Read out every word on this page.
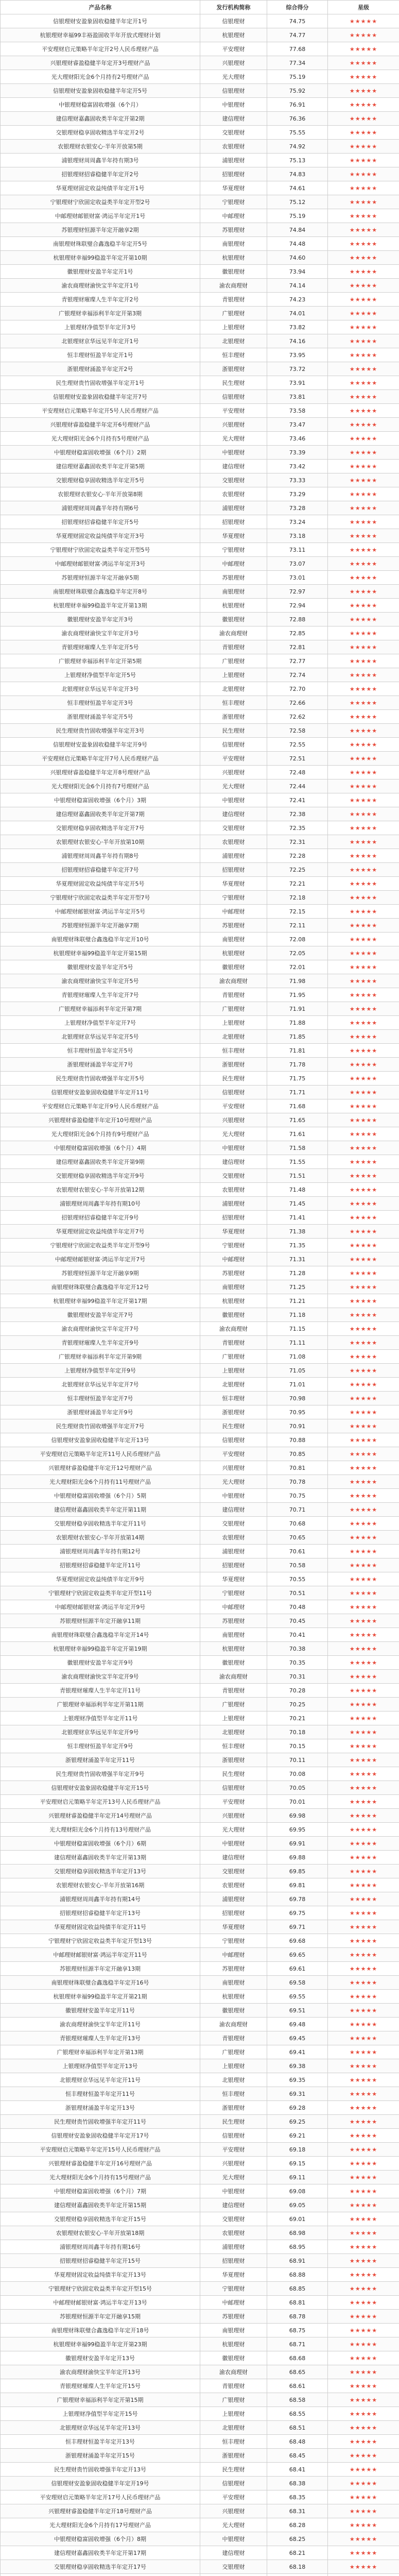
产品名称	发行机构简称	综合得分	星级
信银理财安盈象固收稳健半年定开1号	信银理财	74.75	★★★★★
杭银理财幸福99丰裕盈固收半年开放式理财计划	杭银理财	74.77	★★★★★
平安理财启元策略半年定开2号人民币理财产品	平安理财	77.68	★★★★★
兴银理财睿盈稳健半年定开3号理财产品	兴银理财	77.34	★★★★★
光大理财阳光金6个月持有2号理财产品	光大理财	75.19	★★★★★
信银理财安盈象固收稳健半年定开5号	信银理财	75.92	★★★★★
中银理财稳富固收增强（6个月）	中银理财	76.91	★★★★★
建信理财嘉鑫固收类半年定开第2期	建信理财	76.36	★★★★★
交银理财稳享固收精选半年定开2号	交银理财	75.55	★★★★★
农银理财农银安心·半年开放第5期	农银理财	74.92	★★★★★
浦银理财周周鑫半年持有期3号	浦银理财	75.13	★★★★★
招银理财招睿稳健半年定开2号	招银理财	74.83	★★★★★
华夏理财固定收益纯债半年定开1号	华夏理财	74.61	★★★★★
宁银理财宁欣固定收益类半年定开型2号	宁银理财	75.12	★★★★★
中邮理财邮银财富·鸿运半年定开1号	中邮理财	75.19	★★★★★
苏银理财恒源半年定开融享2期	苏银理财	74.84	★★★★★
南银理财珠联璧合鑫逸稳半年定开5号	南银理财	74.48	★★★★★
杭银理财幸福99稳盈半年定开第10期	杭银理财	74.60	★★★★★
徽银理财安盈半年定开1号	徽银理财	73.94	★★★★★
渝农商理财渝快宝半年定开1号	渝农商理财	74.14	★★★★★
青银理财璀璨人生半年定开2号	青银理财	74.23	★★★★★
广银理财幸福添利半年定开第3期	广银理财	74.01	★★★★★
上银理财净值型半年定开3号	上银理财	73.82	★★★★★
北银理财京华远见半年定开1号	北银理财	74.16	★★★★★
恒丰理财恒盈半年定开1号	恒丰理财	73.95	★★★★★
浙银理财涌盈半年定开2号	浙银理财	73.72	★★★★★
民生理财贵竹固收增强半年定开1号	民生理财	73.91	★★★★★
信银理财安盈象固收稳健半年定开7号	信银理财	73.81	★★★★★
平安理财启元策略半年定开5号人民币理财产品	平安理财	73.58	★★★★★
兴银理财睿盈稳健半年定开6号理财产品	兴银理财	73.47	★★★★★
光大理财阳光金6个月持有5号理财产品	光大理财	73.46	★★★★★
中银理财稳富固收增强（6个月）2期	中银理财	73.39	★★★★★
建信理财嘉鑫固收类半年定开第5期	建信理财	73.42	★★★★★
交银理财稳享固收精选半年定开5号	交银理财	73.33	★★★★★
农银理财农银安心·半年开放第8期	农银理财	73.29	★★★★★
浦银理财周周鑫半年持有期6号	浦银理财	73.28	★★★★★
招银理财招睿稳健半年定开5号	招银理财	73.24	★★★★★
华夏理财固定收益纯债半年定开3号	华夏理财	73.18	★★★★★
宁银理财宁欣固定收益类半年定开型5号	宁银理财	73.11	★★★★★
中邮理财邮银财富·鸿运半年定开3号	中邮理财	73.07	★★★★★
苏银理财恒源半年定开融享5期	苏银理财	73.01	★★★★★
南银理财珠联璧合鑫逸稳半年定开8号	南银理财	72.97	★★★★★
杭银理财幸福99稳盈半年定开第13期	杭银理财	72.94	★★★★★
徽银理财安盈半年定开3号	徽银理财	72.88	★★★★★
渝农商理财渝快宝半年定开3号	渝农商理财	72.85	★★★★★
青银理财璀璨人生半年定开5号	青银理财	72.81	★★★★★
广银理财幸福添利半年定开第5期	广银理财	72.77	★★★★★
上银理财净值型半年定开5号	上银理财	72.74	★★★★★
北银理财京华远见半年定开3号	北银理财	72.70	★★★★★
恒丰理财恒盈半年定开3号	恒丰理财	72.66	★★★★★
浙银理财涌盈半年定开5号	浙银理财	72.62	★★★★★
民生理财贵竹固收增强半年定开3号	民生理财	72.58	★★★★★
信银理财安盈象固收稳健半年定开9号	信银理财	72.55	★★★★★
平安理财启元策略半年定开7号人民币理财产品	平安理财	72.51	★★★★★
兴银理财睿盈稳健半年定开8号理财产品	兴银理财	72.48	★★★★★
光大理财阳光金6个月持有7号理财产品	光大理财	72.44	★★★★★
中银理财稳富固收增强（6个月）3期	中银理财	72.41	★★★★★
建信理财嘉鑫固收类半年定开第7期	建信理财	72.38	★★★★★
交银理财稳享固收精选半年定开7号	交银理财	72.35	★★★★★
农银理财农银安心·半年开放第10期	农银理财	72.31	★★★★★
浦银理财周周鑫半年持有期8号	浦银理财	72.28	★★★★★
招银理财招睿稳健半年定开7号	招银理财	72.25	★★★★★
华夏理财固定收益纯债半年定开5号	华夏理财	72.21	★★★★★
宁银理财宁欣固定收益类半年定开型7号	宁银理财	72.18	★★★★★
中邮理财邮银财富·鸿运半年定开5号	中邮理财	72.15	★★★★★
苏银理财恒源半年定开融享7期	苏银理财	72.11	★★★★★
南银理财珠联璧合鑫逸稳半年定开10号	南银理财	72.08	★★★★★
杭银理财幸福99稳盈半年定开第15期	杭银理财	72.05	★★★★★
徽银理财安盈半年定开5号	徽银理财	72.01	★★★★★
渝农商理财渝快宝半年定开5号	渝农商理财	71.98	★★★★★
青银理财璀璨人生半年定开7号	青银理财	71.95	★★★★★
广银理财幸福添利半年定开第7期	广银理财	71.91	★★★★★
上银理财净值型半年定开7号	上银理财	71.88	★★★★★
北银理财京华远见半年定开5号	北银理财	71.85	★★★★★
恒丰理财恒盈半年定开5号	恒丰理财	71.81	★★★★★
浙银理财涌盈半年定开7号	浙银理财	71.78	★★★★★
民生理财贵竹固收增强半年定开5号	民生理财	71.75	★★★★★
信银理财安盈象固收稳健半年定开11号	信银理财	71.71	★★★★★
平安理财启元策略半年定开9号人民币理财产品	平安理财	71.68	★★★★★
兴银理财睿盈稳健半年定开10号理财产品	兴银理财	71.65	★★★★★
光大理财阳光金6个月持有9号理财产品	光大理财	71.61	★★★★★
中银理财稳富固收增强（6个月）4期	中银理财	71.58	★★★★★
建信理财嘉鑫固收类半年定开第9期	建信理财	71.55	★★★★★
交银理财稳享固收精选半年定开9号	交银理财	71.51	★★★★★
农银理财农银安心·半年开放第12期	农银理财	71.48	★★★★★
浦银理财周周鑫半年持有期10号	浦银理财	71.45	★★★★★
招银理财招睿稳健半年定开9号	招银理财	71.41	★★★★★
华夏理财固定收益纯债半年定开7号	华夏理财	71.38	★★★★★
宁银理财宁欣固定收益类半年定开型9号	宁银理财	71.35	★★★★★
中邮理财邮银财富·鸿运半年定开7号	中邮理财	71.31	★★★★★
苏银理财恒源半年定开融享9期	苏银理财	71.28	★★★★★
南银理财珠联璧合鑫逸稳半年定开12号	南银理财	71.25	★★★★★
杭银理财幸福99稳盈半年定开第17期	杭银理财	71.21	★★★★★
徽银理财安盈半年定开7号	徽银理财	71.18	★★★★★
渝农商理财渝快宝半年定开7号	渝农商理财	71.15	★★★★★
青银理财璀璨人生半年定开9号	青银理财	71.11	★★★★★
广银理财幸福添利半年定开第9期	广银理财	71.08	★★★★★
上银理财净值型半年定开9号	上银理财	71.05	★★★★★
北银理财京华远见半年定开7号	北银理财	71.01	★★★★★
恒丰理财恒盈半年定开7号	恒丰理财	70.98	★★★★★
浙银理财涌盈半年定开9号	浙银理财	70.95	★★★★★
民生理财贵竹固收增强半年定开7号	民生理财	70.91	★★★★★
信银理财安盈象固收稳健半年定开13号	信银理财	70.88	★★★★★
平安理财启元策略半年定开11号人民币理财产品	平安理财	70.85	★★★★★
兴银理财睿盈稳健半年定开12号理财产品	兴银理财	70.81	★★★★★
光大理财阳光金6个月持有11号理财产品	光大理财	70.78	★★★★★
中银理财稳富固收增强（6个月）5期	中银理财	70.75	★★★★★
建信理财嘉鑫固收类半年定开第11期	建信理财	70.71	★★★★★
交银理财稳享固收精选半年定开11号	交银理财	70.68	★★★★★
农银理财农银安心·半年开放第14期	农银理财	70.65	★★★★★
浦银理财周周鑫半年持有期12号	浦银理财	70.61	★★★★★
招银理财招睿稳健半年定开11号	招银理财	70.58	★★★★★
华夏理财固定收益纯债半年定开9号	华夏理财	70.55	★★★★★
宁银理财宁欣固定收益类半年定开型11号	宁银理财	70.51	★★★★★
中邮理财邮银财富·鸿运半年定开9号	中邮理财	70.48	★★★★★
苏银理财恒源半年定开融享11期	苏银理财	70.45	★★★★★
南银理财珠联璧合鑫逸稳半年定开14号	南银理财	70.41	★★★★★
杭银理财幸福99稳盈半年定开第19期	杭银理财	70.38	★★★★★
徽银理财安盈半年定开9号	徽银理财	70.35	★★★★★
渝农商理财渝快宝半年定开9号	渝农商理财	70.31	★★★★★
青银理财璀璨人生半年定开11号	青银理财	70.28	★★★★★
广银理财幸福添利半年定开第11期	广银理财	70.25	★★★★★
上银理财净值型半年定开11号	上银理财	70.21	★★★★★
北银理财京华远见半年定开9号	北银理财	70.18	★★★★★
恒丰理财恒盈半年定开9号	恒丰理财	70.15	★★★★★
浙银理财涌盈半年定开11号	浙银理财	70.11	★★★★★
民生理财贵竹固收增强半年定开9号	民生理财	70.08	★★★★★
信银理财安盈象固收稳健半年定开15号	信银理财	70.05	★★★★★
平安理财启元策略半年定开13号人民币理财产品	平安理财	70.01	★★★★★
兴银理财睿盈稳健半年定开14号理财产品	兴银理财	69.98	★★★★★
光大理财阳光金6个月持有13号理财产品	光大理财	69.95	★★★★★
中银理财稳富固收增强（6个月）6期	中银理财	69.91	★★★★★
建信理财嘉鑫固收类半年定开第13期	建信理财	69.88	★★★★★
交银理财稳享固收精选半年定开13号	交银理财	69.85	★★★★★
农银理财农银安心·半年开放第16期	农银理财	69.81	★★★★★
浦银理财周周鑫半年持有期14号	浦银理财	69.78	★★★★★
招银理财招睿稳健半年定开13号	招银理财	69.75	★★★★★
华夏理财固定收益纯债半年定开11号	华夏理财	69.71	★★★★★
宁银理财宁欣固定收益类半年定开型13号	宁银理财	69.68	★★★★★
中邮理财邮银财富·鸿运半年定开11号	中邮理财	69.65	★★★★★
苏银理财恒源半年定开融享13期	苏银理财	69.61	★★★★★
南银理财珠联璧合鑫逸稳半年定开16号	南银理财	69.58	★★★★★
杭银理财幸福99稳盈半年定开第21期	杭银理财	69.55	★★★★★
徽银理财安盈半年定开11号	徽银理财	69.51	★★★★★
渝农商理财渝快宝半年定开11号	渝农商理财	69.48	★★★★★
青银理财璀璨人生半年定开13号	青银理财	69.45	★★★★★
广银理财幸福添利半年定开第13期	广银理财	69.41	★★★★★
上银理财净值型半年定开13号	上银理财	69.38	★★★★★
北银理财京华远见半年定开11号	北银理财	69.35	★★★★★
恒丰理财恒盈半年定开11号	恒丰理财	69.31	★★★★★
浙银理财涌盈半年定开13号	浙银理财	69.28	★★★★★
民生理财贵竹固收增强半年定开11号	民生理财	69.25	★★★★★
信银理财安盈象固收稳健半年定开17号	信银理财	69.21	★★★★★
平安理财启元策略半年定开15号人民币理财产品	平安理财	69.18	★★★★★
兴银理财睿盈稳健半年定开16号理财产品	兴银理财	69.15	★★★★★
光大理财阳光金6个月持有15号理财产品	光大理财	69.11	★★★★★
中银理财稳富固收增强（6个月）7期	中银理财	69.08	★★★★★
建信理财嘉鑫固收类半年定开第15期	建信理财	69.05	★★★★★
交银理财稳享固收精选半年定开15号	交银理财	69.01	★★★★★
农银理财农银安心·半年开放第18期	农银理财	68.98	★★★★★
浦银理财周周鑫半年持有期16号	浦银理财	68.95	★★★★★
招银理财招睿稳健半年定开15号	招银理财	68.91	★★★★★
华夏理财固定收益纯债半年定开13号	华夏理财	68.88	★★★★★
宁银理财宁欣固定收益类半年定开型15号	宁银理财	68.85	★★★★★
中邮理财邮银财富·鸿运半年定开13号	中邮理财	68.81	★★★★★
苏银理财恒源半年定开融享15期	苏银理财	68.78	★★★★★
南银理财珠联璧合鑫逸稳半年定开18号	南银理财	68.75	★★★★★
杭银理财幸福99稳盈半年定开第23期	杭银理财	68.71	★★★★★
徽银理财安盈半年定开13号	徽银理财	68.68	★★★★★
渝农商理财渝快宝半年定开13号	渝农商理财	68.65	★★★★★
青银理财璀璨人生半年定开15号	青银理财	68.61	★★★★★
广银理财幸福添利半年定开第15期	广银理财	68.58	★★★★★
上银理财净值型半年定开15号	上银理财	68.55	★★★★★
北银理财京华远见半年定开13号	北银理财	68.51	★★★★★
恒丰理财恒盈半年定开13号	恒丰理财	68.48	★★★★★
浙银理财涌盈半年定开15号	浙银理财	68.45	★★★★★
民生理财贵竹固收增强半年定开13号	民生理财	68.41	★★★★★
信银理财安盈象固收稳健半年定开19号	信银理财	68.38	★★★★★
平安理财启元策略半年定开17号人民币理财产品	平安理财	68.35	★★★★★
兴银理财睿盈稳健半年定开18号理财产品	兴银理财	68.31	★★★★★
光大理财阳光金6个月持有17号理财产品	光大理财	68.28	★★★★★
中银理财稳富固收增强（6个月）8期	中银理财	68.25	★★★★★
建信理财嘉鑫固收类半年定开第17期	建信理财	68.21	★★★★★
交银理财稳享固收精选半年定开17号	交银理财	68.18	★★★★★
